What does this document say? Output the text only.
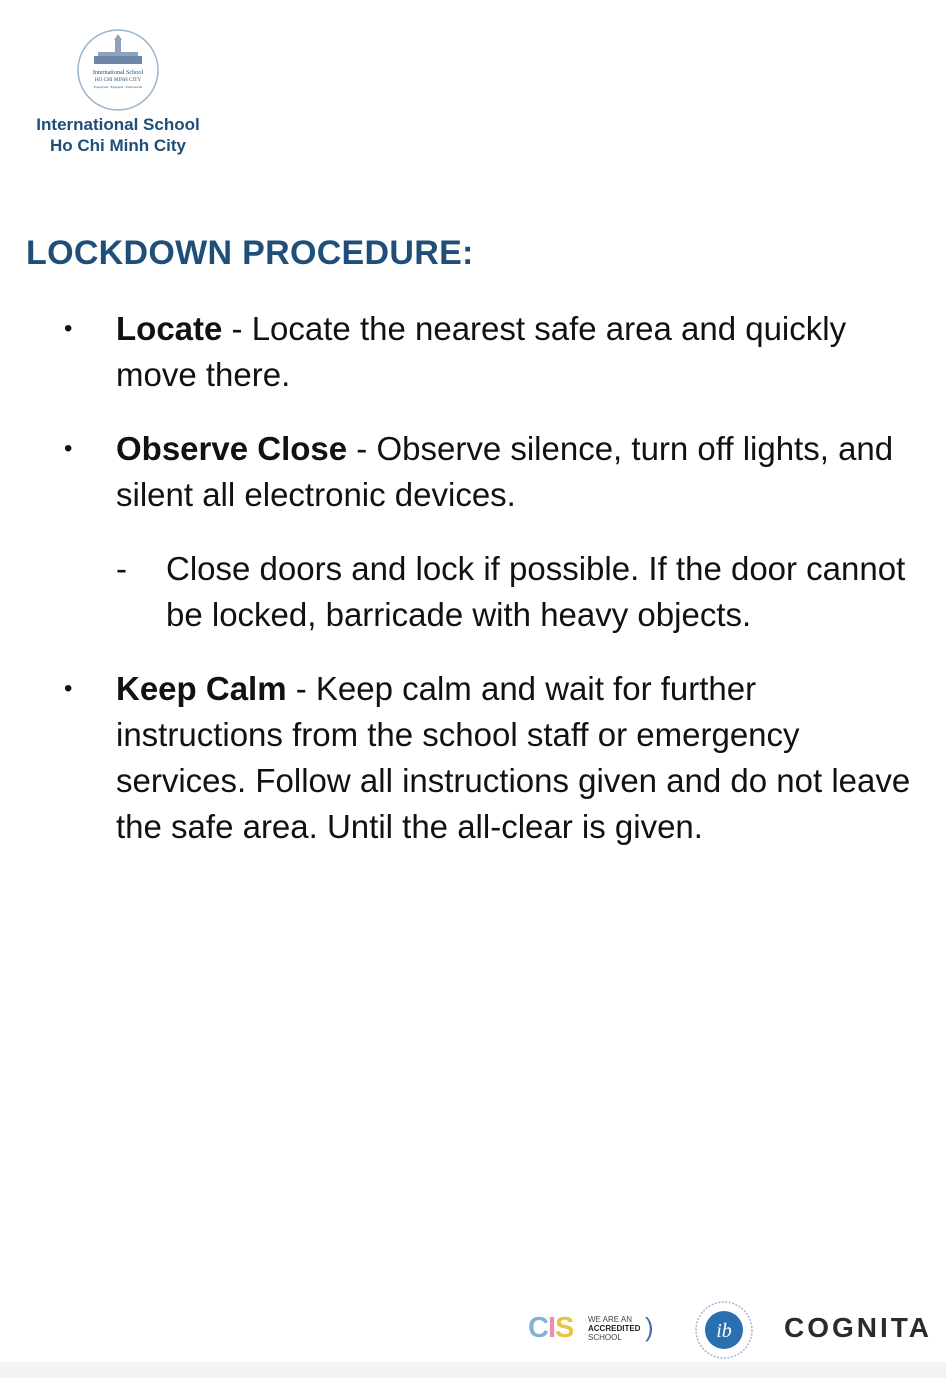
International School
HO CHI MINH CITY
Energised · Engaged · Empowered
International School
Ho Chi Minh City
LOCKDOWN PROCEDURE:
• Locate - Locate the nearest safe area and quickly move there.
• Observe Close - Observe silence, turn off lights, and silent all electronic devices.
- Close doors and lock if possible. If the door cannot be locked, barricade with heavy objects.
• Keep Calm - Keep calm and wait for further instructions from the school staff or emergency services. Follow all instructions given and do not leave the safe area. Until the all-clear is given.
CIS WE ARE AN
ACCREDITED
SCHOOL )	ib COGNITA
